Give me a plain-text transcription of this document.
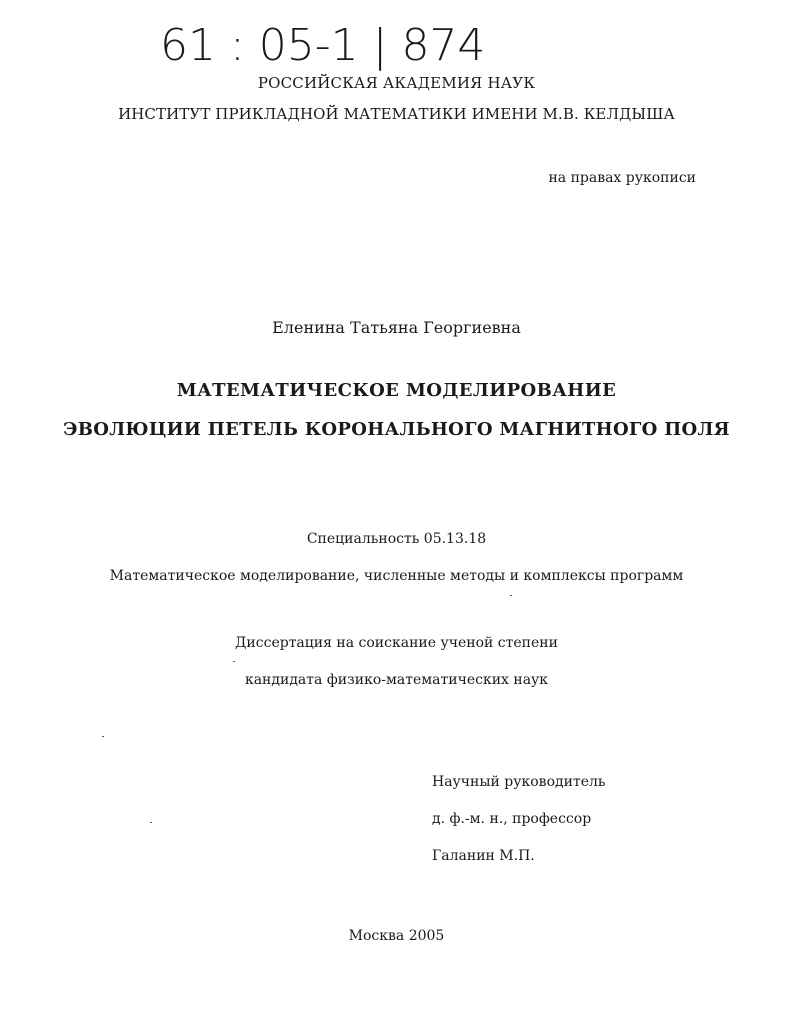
61 : 05-1 | 874
РОССИЙСКАЯ АКАДЕМИЯ НАУК
ИНСТИТУТ ПРИКЛАДНОЙ МАТЕМАТИКИ ИМЕНИ М.В. КЕЛДЫША
на правах рукописи
Еленина Татьяна Георгиевна
МАТЕМАТИЧЕСКОЕ МОДЕЛИРОВАНИЕ
ЭВОЛЮЦИИ ПЕТЕЛЬ КОРОНАЛЬНОГО МАГНИТНОГО ПОЛЯ
Специальность 05.13.18
Математическое моделирование, численные методы и комплексы программ
Диссертация на соискание ученой степени
кандидата физико-математических наук
Научный руководитель
д. ф.-м. н., профессор
Галанин М.П.
Москва 2005
